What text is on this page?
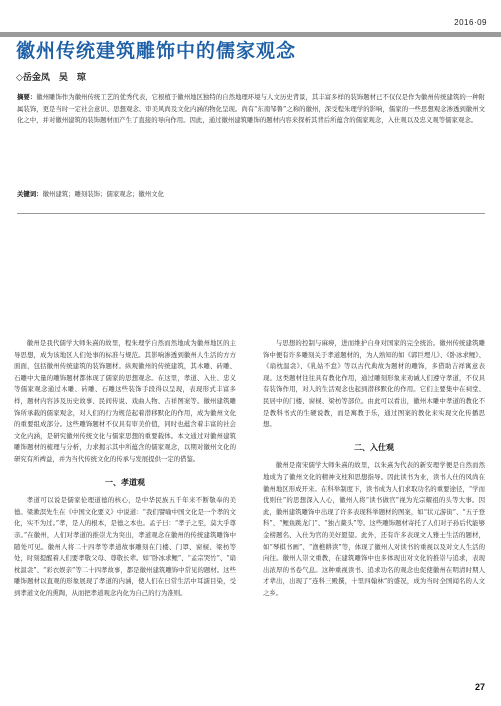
2016·09
徽州传统建筑雕饰中的儒家观念
◇岳金凤　吴　琼
摘要：徽州雕饰作为徽州传统工艺的优秀代表，它根植于徽州地区独特的自然地理环境与人文历史背景，其丰富多样的装饰题材已不仅仅是作为徽州传统建筑的一种附属装饰，更是当时一定社会意识、思想观念、审美风尚及文化内涵的物化呈现。尚有“东南邹鲁”之称的徽州，深受程朱理学的影响，儒家的一些思想观念渗透到徽州文化之中，并对徽州建筑的装饰题材而产生了直接的导向作用。因此，通过徽州建筑雕饰的题材内容来探析其背后所蕴含的儒家观念，入仕观以及忠义观等儒家观念。
关键词：徽州建筑；雕刻装饰；儒家观念；徽州文化

徽州是我代儒学大师朱熹的故里，程朱理学自然而然地成为徽州地区的主导思想，成为该地区人们处事的标准与规范。其影响渗透到徽州人生活的方方面面，包括徽州传统建筑的装饰题材。纵观徽州的传统建筑，其木雕、砖雕、石雕中大量的雕饰题材都体现了儒家的思想观念。在这里，孝道、入仕、忠义等儒家观念通过木雕、砖雕、石雕这些装饰手段得以呈现，表现形式丰富多样，题材内容涉及历史故事、民间传说、戏曲人物、吉祥图案等。徽州建筑雕饰所承载的儒家观念，对人们的行为规范起着潜移默化的作用，成为徽州文化的重要组成部分。这些雕饰题材不仅具有审美价值，同时也蕴含着丰富的社会文化内涵，是研究徽州传统文化与儒家思想的重要载体。本文通过对徽州建筑雕饰题材的梳理与分析，力求揭示其中所蕴含的儒家观念，以期对徽州文化的研究有所裨益，并为当代传统文化的传承与发展提供一定的借鉴。

一、孝道观

孝道可以说是儒家伦理道德的核心，是中华民族五千年来不断敬奉的美德。梁漱溟先生在《中国文化要义》中说道：“我们譬喻中国文化是一个孝的文化，实不为过。”孝，是人的根本，是德之本也。孟子曰：“孝子之至，莫大乎尊亲。”在徽州，人们对孝道的推崇尤为突出，孝道观念在徽州的传统建筑雕饰中随处可见。徽州人将二十四孝等孝道故事雕刻在门楼、门罩、窗棂、梁枋等处，时刻提醒着人们要孝敬父母、尊敬长辈。如“卧冰求鲤”、“孟宗哭竹”、“扇枕温衾”、“彩衣娱亲”等二十四孝故事，都是徽州建筑雕饰中常见的题材。这些雕饰题材以直观的形象展现了孝道的内涵，使人们在日常生活中耳濡目染，受到孝道文化的熏陶，从而把孝道观念内化为自己的行为准则。

与思想的控制与麻痹，进而维护自身对国家的完全统治。徽州传统建筑雕饰中便有许多雕刻关于孝道题材的，为人熟知的如《郭巨埋儿》、《卧冰求鲤》、《扇枕温衾》、《乳姑不怠》等以古代典故为题材的雕饰，多借助吉祥寓意表现。这类题材往往具有教化作用，通过雕刻形象来劝诫人们遵守孝道，不仅具有装饰作用，对人的生活观念也起到潜移默化的作用。它们主要集中在祠堂、民居中的门楼、窗棂、梁枋等部位。由此可以看出，徽州木雕中孝道的教化不是教科书式的生硬说教，而是寓教于乐，通过图案的教化来实现文化传播思想。

二、入仕观

徽州是南宋儒学大师朱熹的故里，以朱熹为代表的新安理学便是自然而然地成为了徽州文化的精神支柱和思想指导。因此读书为业，读书人仕的风尚在徽州地区形成开来。在科举制度下，读书成为人们求取功名的重要途径，“学而优则仕”的思想深入人心，徽州人将“读书做官”视为光宗耀祖的头等大事。因此，徽州建筑雕饰中出现了许多表现科举题材的图案，如“状元游街”、“五子登科”、“鲤鱼跳龙门”、“独占鳌头”等。这些雕饰题材寄托了人们对子孙后代能够金榜题名、入仕为官的美好愿望。此外，还有许多表现文人雅士生活的题材，如“琴棋书画”、“渔樵耕读”等，体现了徽州人对读书的重视以及对文人生活的向往。徽州人崇文重教，在建筑雕饰中也多体现出对文化的推崇与追求，表现出浓厚的书卷气息。这种重视读书、追求功名的观念也促使徽州在明清时期人才辈出，出现了“连科三殿撰，十里四翰林”的盛况，成为当时全国闻名的人文之乡。

27
